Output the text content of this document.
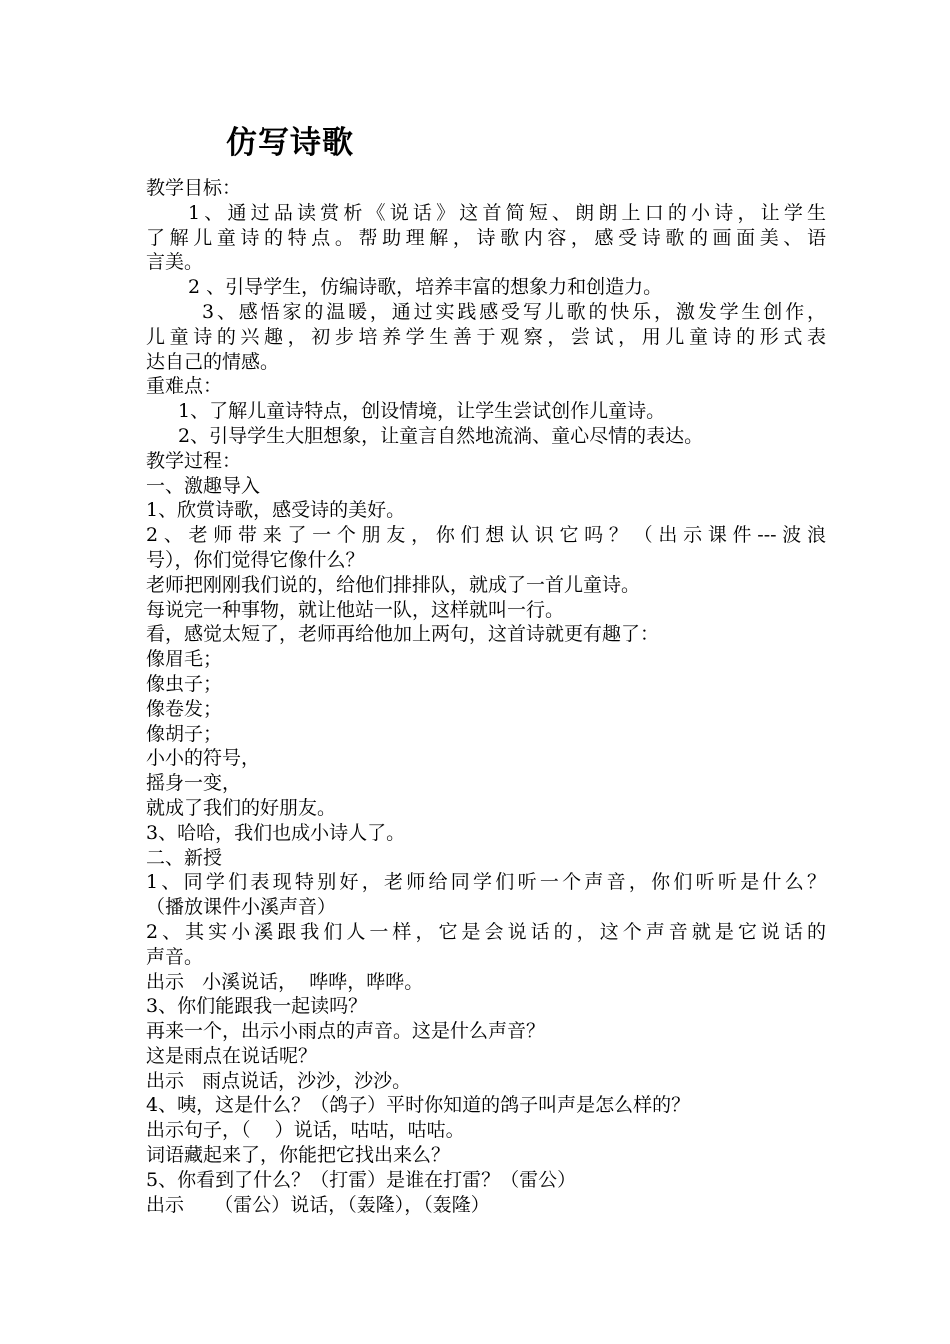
仿写诗歌
教学目标：
1、通过品读赏析《说话》这首简短、朗朗上口的小诗，让学生
了解儿童诗的特点。帮助理解，诗歌内容，感受诗歌的画面美、语
言美。
2 、引导学生，仿编诗歌，培养丰富的想象力和创造力。
3、感悟家的温暖，通过实践感受写儿歌的快乐，激发学生创作，
儿童诗的兴趣，初步培养学生善于观察，尝试，用儿童诗的形式表
达自己的情感。
重难点：
1、了解儿童诗特点，创设情境，让学生尝试创作儿童诗。
2、引导学生大胆想象，让童言自然地流淌、童心尽情的表达。
教学过程：
一、激趣导入
1、欣赏诗歌，感受诗的美好。
2、老师带来了一个朋友，你们想认识它吗？（出示课件---波浪
号），你们觉得它像什么？
老师把刚刚我们说的，给他们排排队，就成了一首儿童诗。
每说完一种事物，就让他站一队，这样就叫一行。
看，感觉太短了，老师再给他加上两句，这首诗就更有趣了：
像眉毛；
像虫子；
像卷发；
像胡子；
小小的符号，
摇身一变，
就成了我们的好朋友。
3、哈哈，我们也成小诗人了。
二、新授
1、同学们表现特别好，老师给同学们听一个声音，你们听听是什么？
（播放课件小溪声音）
2、其实小溪跟我们人一样，它是会说话的，这个声音就是它说话的
声音。
出示   小溪说话，  哗哗，哗哗。
3、你们能跟我一起读吗？
再来一个，出示小雨点的声音。这是什么声音？
这是雨点在说话呢？
出示   雨点说话，沙沙，沙沙。
4、咦，这是什么？（鸽子）平时你知道的鸽子叫声是怎么样的？
出示句子，（    ）说话，咕咕，咕咕。
词语藏起来了，你能把它找出来么？
5、你看到了什么？（打雷）是谁在打雷？（雷公）
出示     （雷公）说话，（轰隆），（轰隆）
